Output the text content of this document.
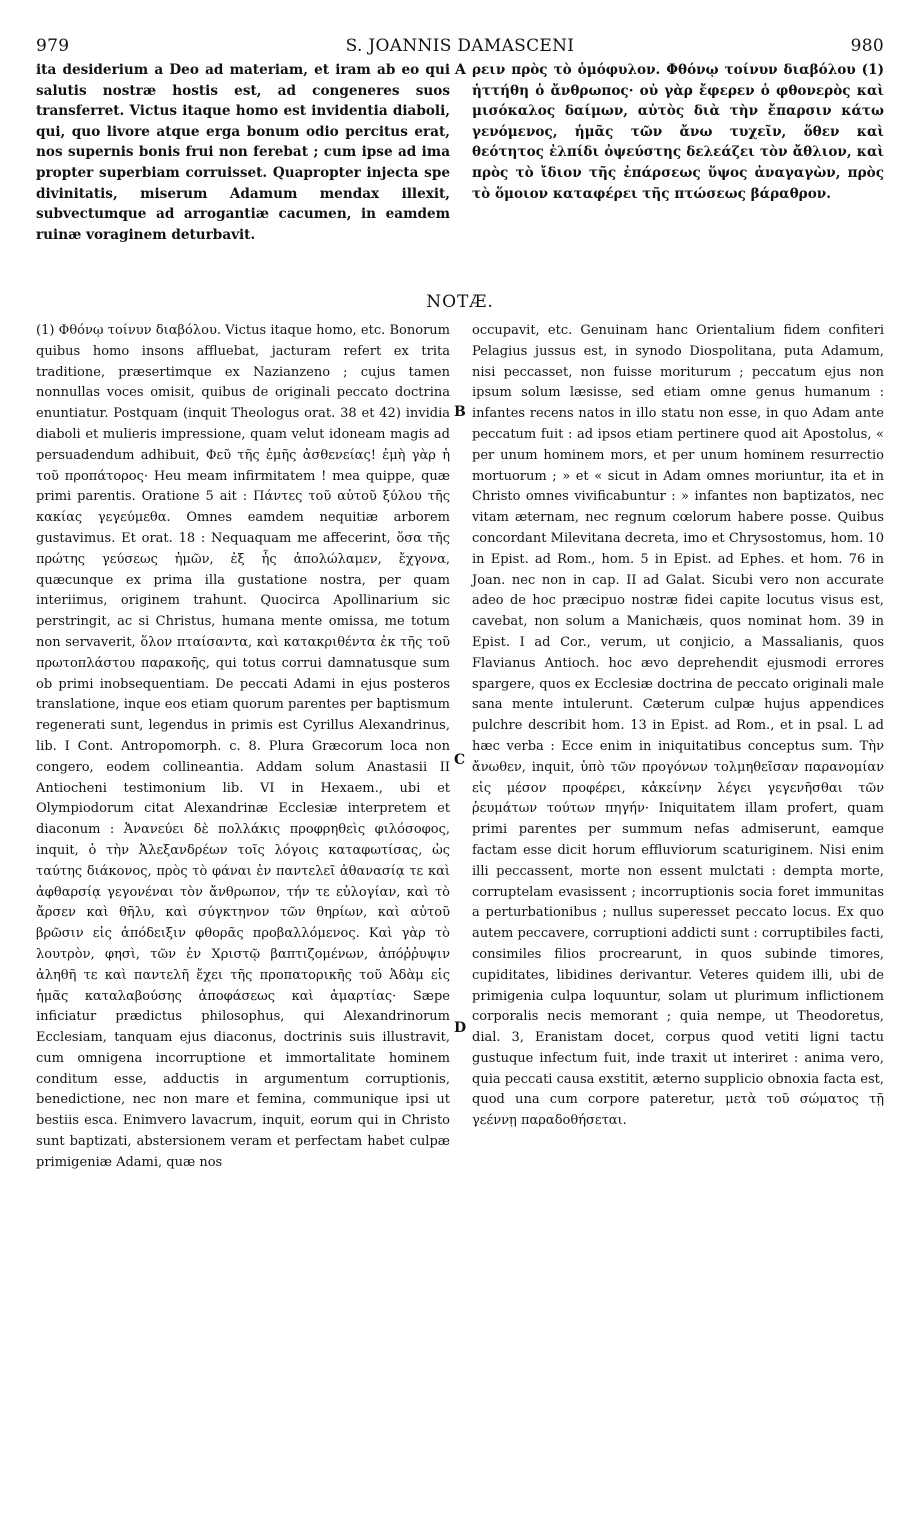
979	S. JOANNIS DAMASCENI	980

ita desiderium a Deo ad materiam, et iram ab eo qui salutis nostræ hostis est, ad congeneres suos transferret. Victus itaque homo est invidentia diaboli, qui, quo livore atque erga bonum odio percitus erat, nos supernis bonis frui non ferebat ; cum ipse ad ima propter superbiam corruisset. Quapropter injecta spe divinitatis, miserum Adamum mendax illexit, subvectumque ad arrogantiæ cacumen, in eamdem ruinæ voraginem deturbavit.

A ρειν πρὸς τὸ ὁμόφυλον. Φθόνῳ τοίνυν διαβόλου (1) ἡττήθη ὁ ἄνθρωπος· οὐ γὰρ ἔφερεν ὁ φθονερὸς καὶ μισόκαλος δαίμων, αὐτὸς διὰ τὴν ἔπαρσιν κάτω γενόμενος, ἡμᾶς τῶν ἄνω τυχεῖν, ὅθεν καὶ θεότητος ἐλπίδι ὀψεύστης δελεάζει τὸν ἄθλιον, καὶ πρὸς τὸ ἴδιον τῆς ἐπάρσεως ὕψος ἀναγαγὼν, πρὸς τὸ ὅμοιον καταφέρει τῆς πτώσεως βάραθρον.

NOTÆ.

(1) Φθόνῳ τοίνυν διαβόλου. Victus itaque homo, etc. Bonorum quibus homo insons affluebat, jacturam refert ex trita traditione, præsertimque ex Nazianzeno ; cujus tamen nonnullas voces omisit, quibus de originali peccato doctrina enuntiatur. Postquam (inquit Theologus orat. 38 et 42) invidia diaboli et mulieris impressione, quam velut idoneam magis ad persuadendum adhibuit, Φεῦ τῆς ἐμῆς ἀσθενείας! ἐμὴ γὰρ ἡ τοῦ προπάτορος· Heu meam infirmitatem ! mea quippe, quæ primi parentis. Oratione 5 ait : Πάντες τοῦ αὐτοῦ ξύλου τῆς κακίας γεγεύμεθα. Omnes eamdem nequitiæ arborem gustavimus. Et orat. 18 : Nequaquam me affecerint, ὅσα τῆς πρώτης γεύσεως ἡμῶν, ἐξ ἧς ἀπολώλαμεν, ἔχγονα, quæcunque ex prima illa gustatione nostra, per quam interiimus, originem trahunt. Quocirca Apollinarium sic perstringit, ac si Christus, humana mente omissa, me totum non servaverit, ὅλον πταίσαντα, καὶ κατακριθέντα ἐκ τῆς τοῦ πρωτοπλάστου παρακοῆς, qui totus corrui damnatusque sum ob primi inobsequentiam. De peccati Adami in ejus posteros translatione, inque eos etiam quorum parentes per baptismum regenerati sunt, legendus in primis est Cyrillus Alexandrinus, lib. I Cont. Antropomorph. c. 8. Plura Græcorum loca non congero, eodem collineantia. Addam solum Anastasii II Antiocheni testimonium lib. VI in Hexaem., ubi et Olympiodorum citat Alexandrinæ Ecclesiæ interpretem et diaconum : Ἀνανεύει δὲ πολλάκις προφρηθεὶς φιλόσοφος, inquit, ὁ τὴν Ἀλεξανδρέων τοῖς λόγοις καταφωτίσας, ὡς ταύτης διάκονος, πρὸς τὸ φάναι ἐν παντελεῖ ἀθανασίᾳ τε καὶ ἀφθαρσίᾳ γεγονέναι τὸν ἄνθρωπον, τήν τε εὐλογίαν, καὶ τὸ ἄρσεν καὶ θῆλυ, καὶ σύγκτηνον τῶν θηρίων, καὶ αὐτοῦ βρῶσιν εἰς ἀπόδειξιν φθορᾶς προβαλλόμενος. Καὶ γὰρ τὸ λουτρὸν, φησὶ, τῶν ἐν Χριστῷ βαπτιζομένων, ἀπόῤῥυψιν ἀληθῆ τε καὶ παντελῆ ἔχει τῆς προπατορικῆς τοῦ Ἀδὰμ εἰς ἡμᾶς καταλαβούσης ἀποφάσεως καὶ ἁμαρτίας· Sæpe inficiatur prædictus philosophus, qui Alexandrinorum Ecclesiam, tanquam ejus diaconus, doctrinis suis illustravit, cum omnigena incorruptione et immortalitate hominem conditum esse, adductis in argumentum corruptionis, benedictione, nec non mare et femina, communique ipsi ut bestiis esca. Enimvero lavacrum, inquit, eorum qui in Christo sunt baptizati, abstersionem veram et perfectam habet culpæ primigeniæ Adami, quæ nos

B
C
D

occupavit, etc. Genuinam hanc Orientalium fidem confiteri Pelagius jussus est, in synodo Diospolitana, puta Adamum, nisi peccasset, non fuisse moriturum ; peccatum ejus non ipsum solum læsisse, sed etiam omne genus humanum : infantes recens natos in illo statu non esse, in quo Adam ante peccatum fuit : ad ipsos etiam pertinere quod ait Apostolus, « per unum hominem mors, et per unum hominem resurrectio mortuorum ; » et « sicut in Adam omnes moriuntur, ita et in Christo omnes vivificabuntur : » infantes non baptizatos, nec vitam æternam, nec regnum cœlorum habere posse. Quibus concordant Milevitana decreta, imo et Chrysostomus, hom. 10 in Epist. ad Rom., hom. 5 in Epist. ad Ephes. et hom. 76 in Joan. nec non in cap. II ad Galat. Sicubi vero non accurate adeo de hoc præcipuo nostræ fidei capite locutus visus est, cavebat, non solum a Manichæis, quos nominat hom. 39 in Epist. I ad Cor., verum, ut conjicio, a Massalianis, quos Flavianus Antioch. hoc ævo deprehendit ejusmodi errores spargere, quos ex Ecclesiæ doctrina de peccato originali male sana mente intulerunt. Cæterum culpæ hujus appendices pulchre describit hom. 13 in Epist. ad Rom., et in psal. L ad hæc verba : Ecce enim in iniquitatibus conceptus sum. Τὴν ἄνωθεν, inquit, ὑπὸ τῶν προγόνων τολμηθεῖσαν παρανομίαν εἰς μέσον προφέρει, κἀκείνην λέγει γεγενῆσθαι τῶν ῥευμάτων τούτων πηγήν· Iniquitatem illam profert, quam primi parentes per summum nefas admiserunt, eamque factam esse dicit horum effluviorum scaturiginem. Nisi enim illi peccassent, morte non essent mulctati : dempta morte, corruptelam evasissent ; incorruptionis socia foret immunitas a perturbationibus ; nullus superesset peccato locus. Ex quo autem peccavere, corruptioni addicti sunt : corruptibiles facti, consimiles filios procrearunt, in quos subinde timores, cupiditates, libidines derivantur. Veteres quidem illi, ubi de primigenia culpa loquuntur, solam ut plurimum inflictionem corporalis necis memorant ; quia nempe, ut Theodoretus, dial. 3, Eranistam docet, corpus quod vetiti ligni tactu gustuque infectum fuit, inde traxit ut interiret : anima vero, quia peccati causa exstitit, æterno supplicio obnoxia facta est, quod una cum corpore pateretur, μετὰ τοῦ σώματος τῇ γεέννῃ παραδοθήσεται.
